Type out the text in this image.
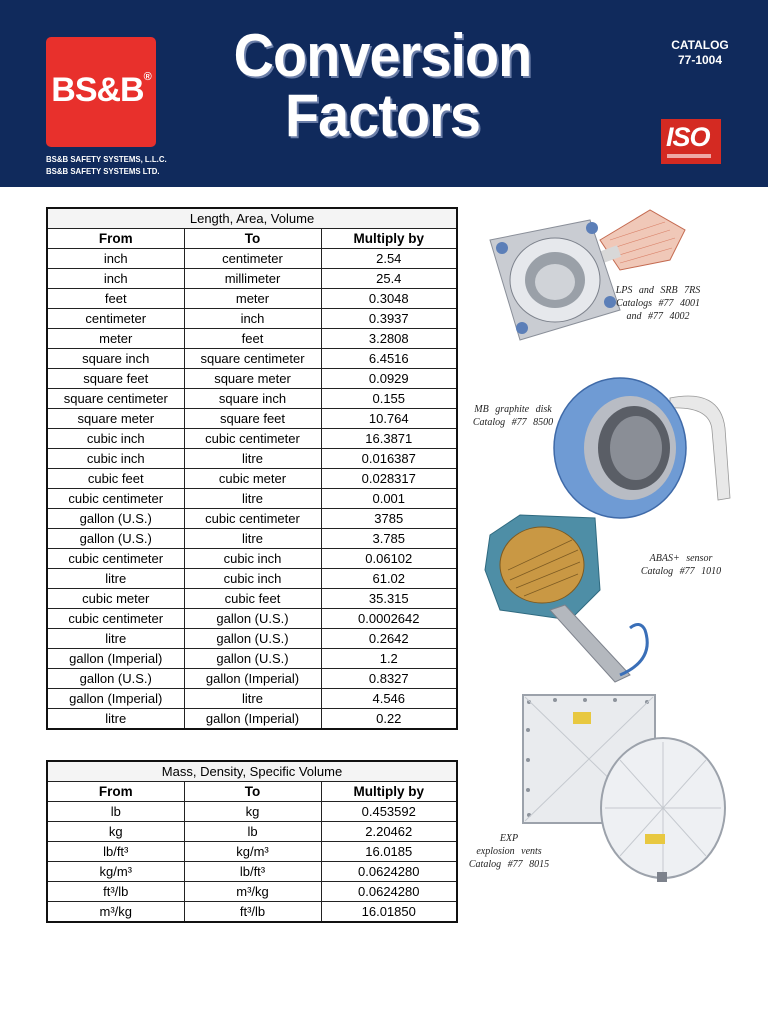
BS&B®
BS&B SAFETY SYSTEMS, L.L.C.
BS&B SAFETY SYSTEMS LTD.
Conversion
Factors
CATALOG
77-1004
ISO
Length, Area, Volume		
From	To	Multiply by
inch	centimeter	2.54
inch	millimeter	25.4
feet	meter	0.3048
centimeter	inch	0.3937
meter	feet	3.2808
square inch	square centimeter	6.4516
square feet	square meter	0.0929
square centimeter	square inch	0.155
square meter	square feet	10.764
cubic inch	cubic centimeter	16.3871
cubic inch	litre	0.016387
cubic feet	cubic meter	0.028317
cubic centimeter	litre	0.001
gallon (U.S.)	cubic centimeter	3785
gallon (U.S.)	litre	3.785
cubic centimeter	cubic inch	0.06102
litre	cubic inch	61.02
cubic meter	cubic feet	35.315
cubic centimeter	gallon (U.S.)	0.0002642
litre	gallon (U.S.)	0.2642
gallon (Imperial)	gallon (U.S.)	1.2
gallon (U.S.)	gallon (Imperial)	0.8327
gallon (Imperial)	litre	4.546
litre	gallon (Imperial)	0.22
Mass, Density, Specific Volume		
From	To	Multiply by
lb	kg	0.453592
kg	lb	2.20462
lb/ft³	kg/m³	16.0185
kg/m³	lb/ft³	0.0624280
ft³/lb	m³/kg	0.0624280
m³/kg	ft³/lb	16.01850
LPS and SRB 7RS
Catalogs #77 4001
and #77 4002
MB graphite disk
Catalog #77 8500
ABAS+ sensor
Catalog #77 1010
EXP
explosion vents
Catalog #77 8015
